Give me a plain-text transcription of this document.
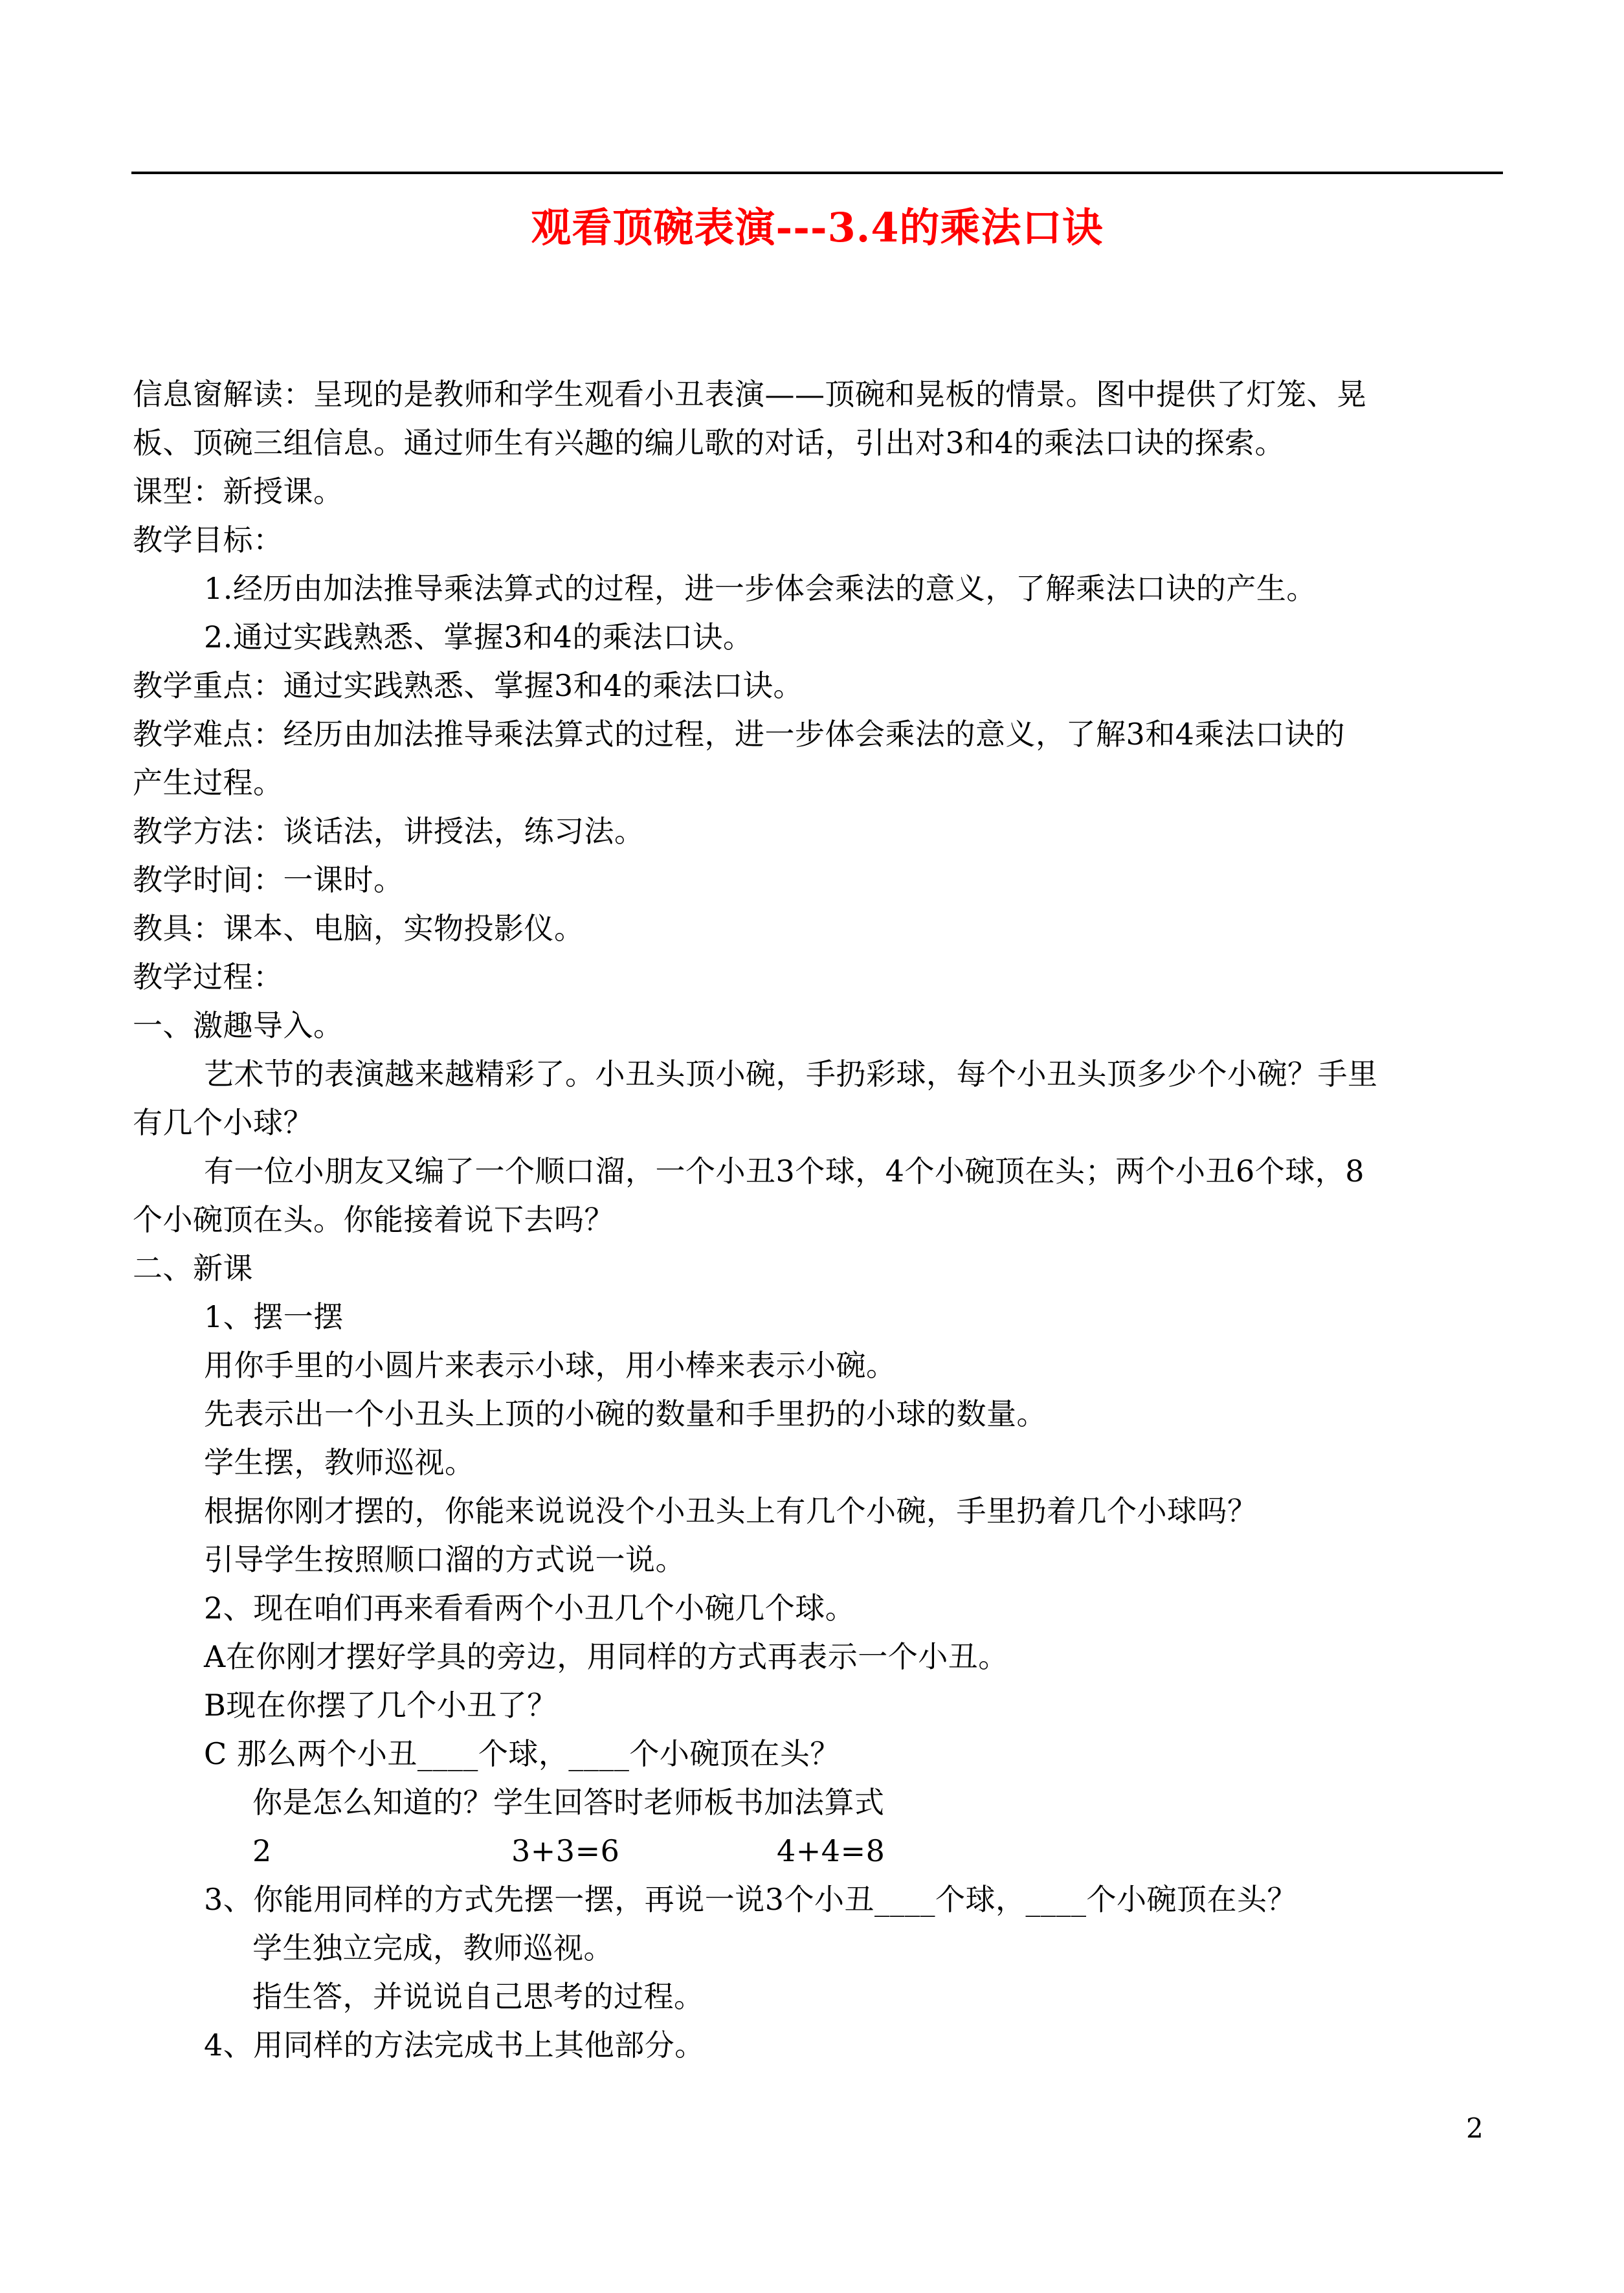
观看顶碗表演---3.4的乘法口诀
信息窗解读：呈现的是教师和学生观看小丑表演——顶碗和晃板的情景。图中提供了灯笼、晃
板、顶碗三组信息。通过师生有兴趣的编儿歌的对话，引出对3和4的乘法口诀的探索。
课型：新授课。
教学目标：
1.经历由加法推导乘法算式的过程，进一步体会乘法的意义，了解乘法口诀的产生。
2.通过实践熟悉、掌握3和4的乘法口诀。
教学重点：通过实践熟悉、掌握3和4的乘法口诀。
教学难点：经历由加法推导乘法算式的过程，进一步体会乘法的意义，了解3和4乘法口诀的
产生过程。
教学方法：谈话法，讲授法，练习法。
教学时间：一课时。
教具：课本、电脑，实物投影仪。
教学过程：
一、激趣导入。
艺术节的表演越来越精彩了。小丑头顶小碗，手扔彩球，每个小丑头顶多少个小碗？手里
有几个小球？
有一位小朋友又编了一个顺口溜，一个小丑3个球，4个小碗顶在头；两个小丑6个球，8
个小碗顶在头。你能接着说下去吗？
二、新课
1、摆一摆
用你手里的小圆片来表示小球，用小棒来表示小碗。
先表示出一个小丑头上顶的小碗的数量和手里扔的小球的数量。
学生摆，教师巡视。
根据你刚才摆的，你能来说说没个小丑头上有几个小碗，手里扔着几个小球吗？
引导学生按照顺口溜的方式说一说。
2、现在咱们再来看看两个小丑几个小碗几个球。
A在你刚才摆好学具的旁边，用同样的方式再表示一个小丑。
B现在你摆了几个小丑了？
C 那么两个小丑____个球，____个小碗顶在头？
你是怎么知道的？学生回答时老师板书加法算式
2	3+3=6	4+4=8
3、你能用同样的方式先摆一摆，再说一说3个小丑____个球，____个小碗顶在头？
学生独立完成，教师巡视。
指生答，并说说自己思考的过程。
4、用同样的方法完成书上其他部分。
2
